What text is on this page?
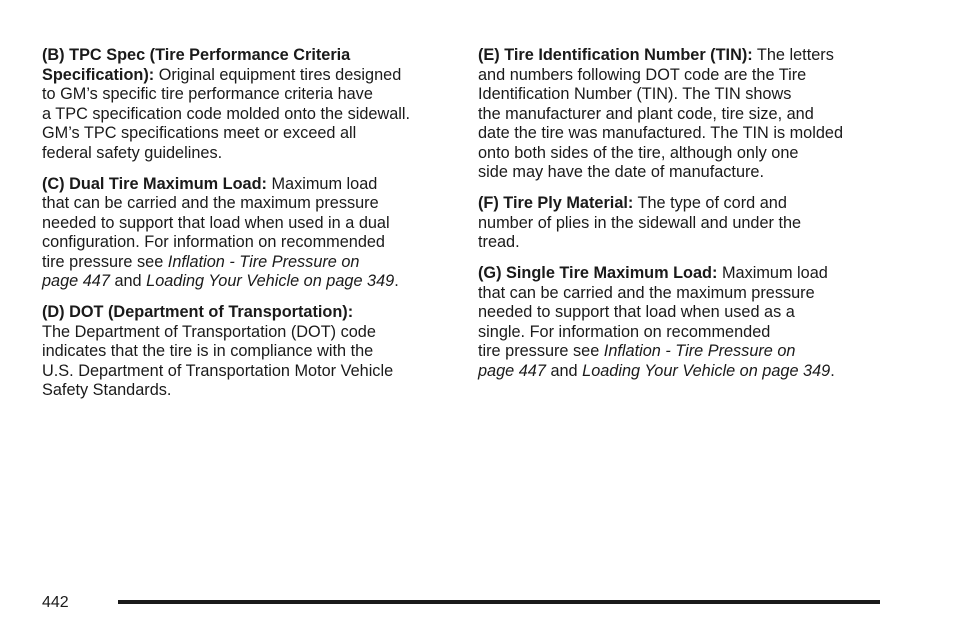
(B) TPC Spec (Tire Performance Criteria
Specification): Original equipment tires designed
to GM’s specific tire performance criteria have
a TPC specification code molded onto the sidewall.
GM’s TPC specifications meet or exceed all
federal safety guidelines.
(C) Dual Tire Maximum Load: Maximum load
that can be carried and the maximum pressure
needed to support that load when used in a dual
configuration. For information on recommended
tire pressure see Inflation - Tire Pressure on
page 447 and Loading Your Vehicle on page 349.
(D) DOT (Department of Transportation):
The Department of Transportation (DOT) code
indicates that the tire is in compliance with the
U.S. Department of Transportation Motor Vehicle
Safety Standards.
(E) Tire Identification Number (TIN): The letters
and numbers following DOT code are the Tire
Identification Number (TIN). The TIN shows
the manufacturer and plant code, tire size, and
date the tire was manufactured. The TIN is molded
onto both sides of the tire, although only one
side may have the date of manufacture.
(F) Tire Ply Material: The type of cord and
number of plies in the sidewall and under the
tread.
(G) Single Tire Maximum Load: Maximum load
that can be carried and the maximum pressure
needed to support that load when used as a
single. For information on recommended
tire pressure see Inflation - Tire Pressure on
page 447 and Loading Your Vehicle on page 349.
442
